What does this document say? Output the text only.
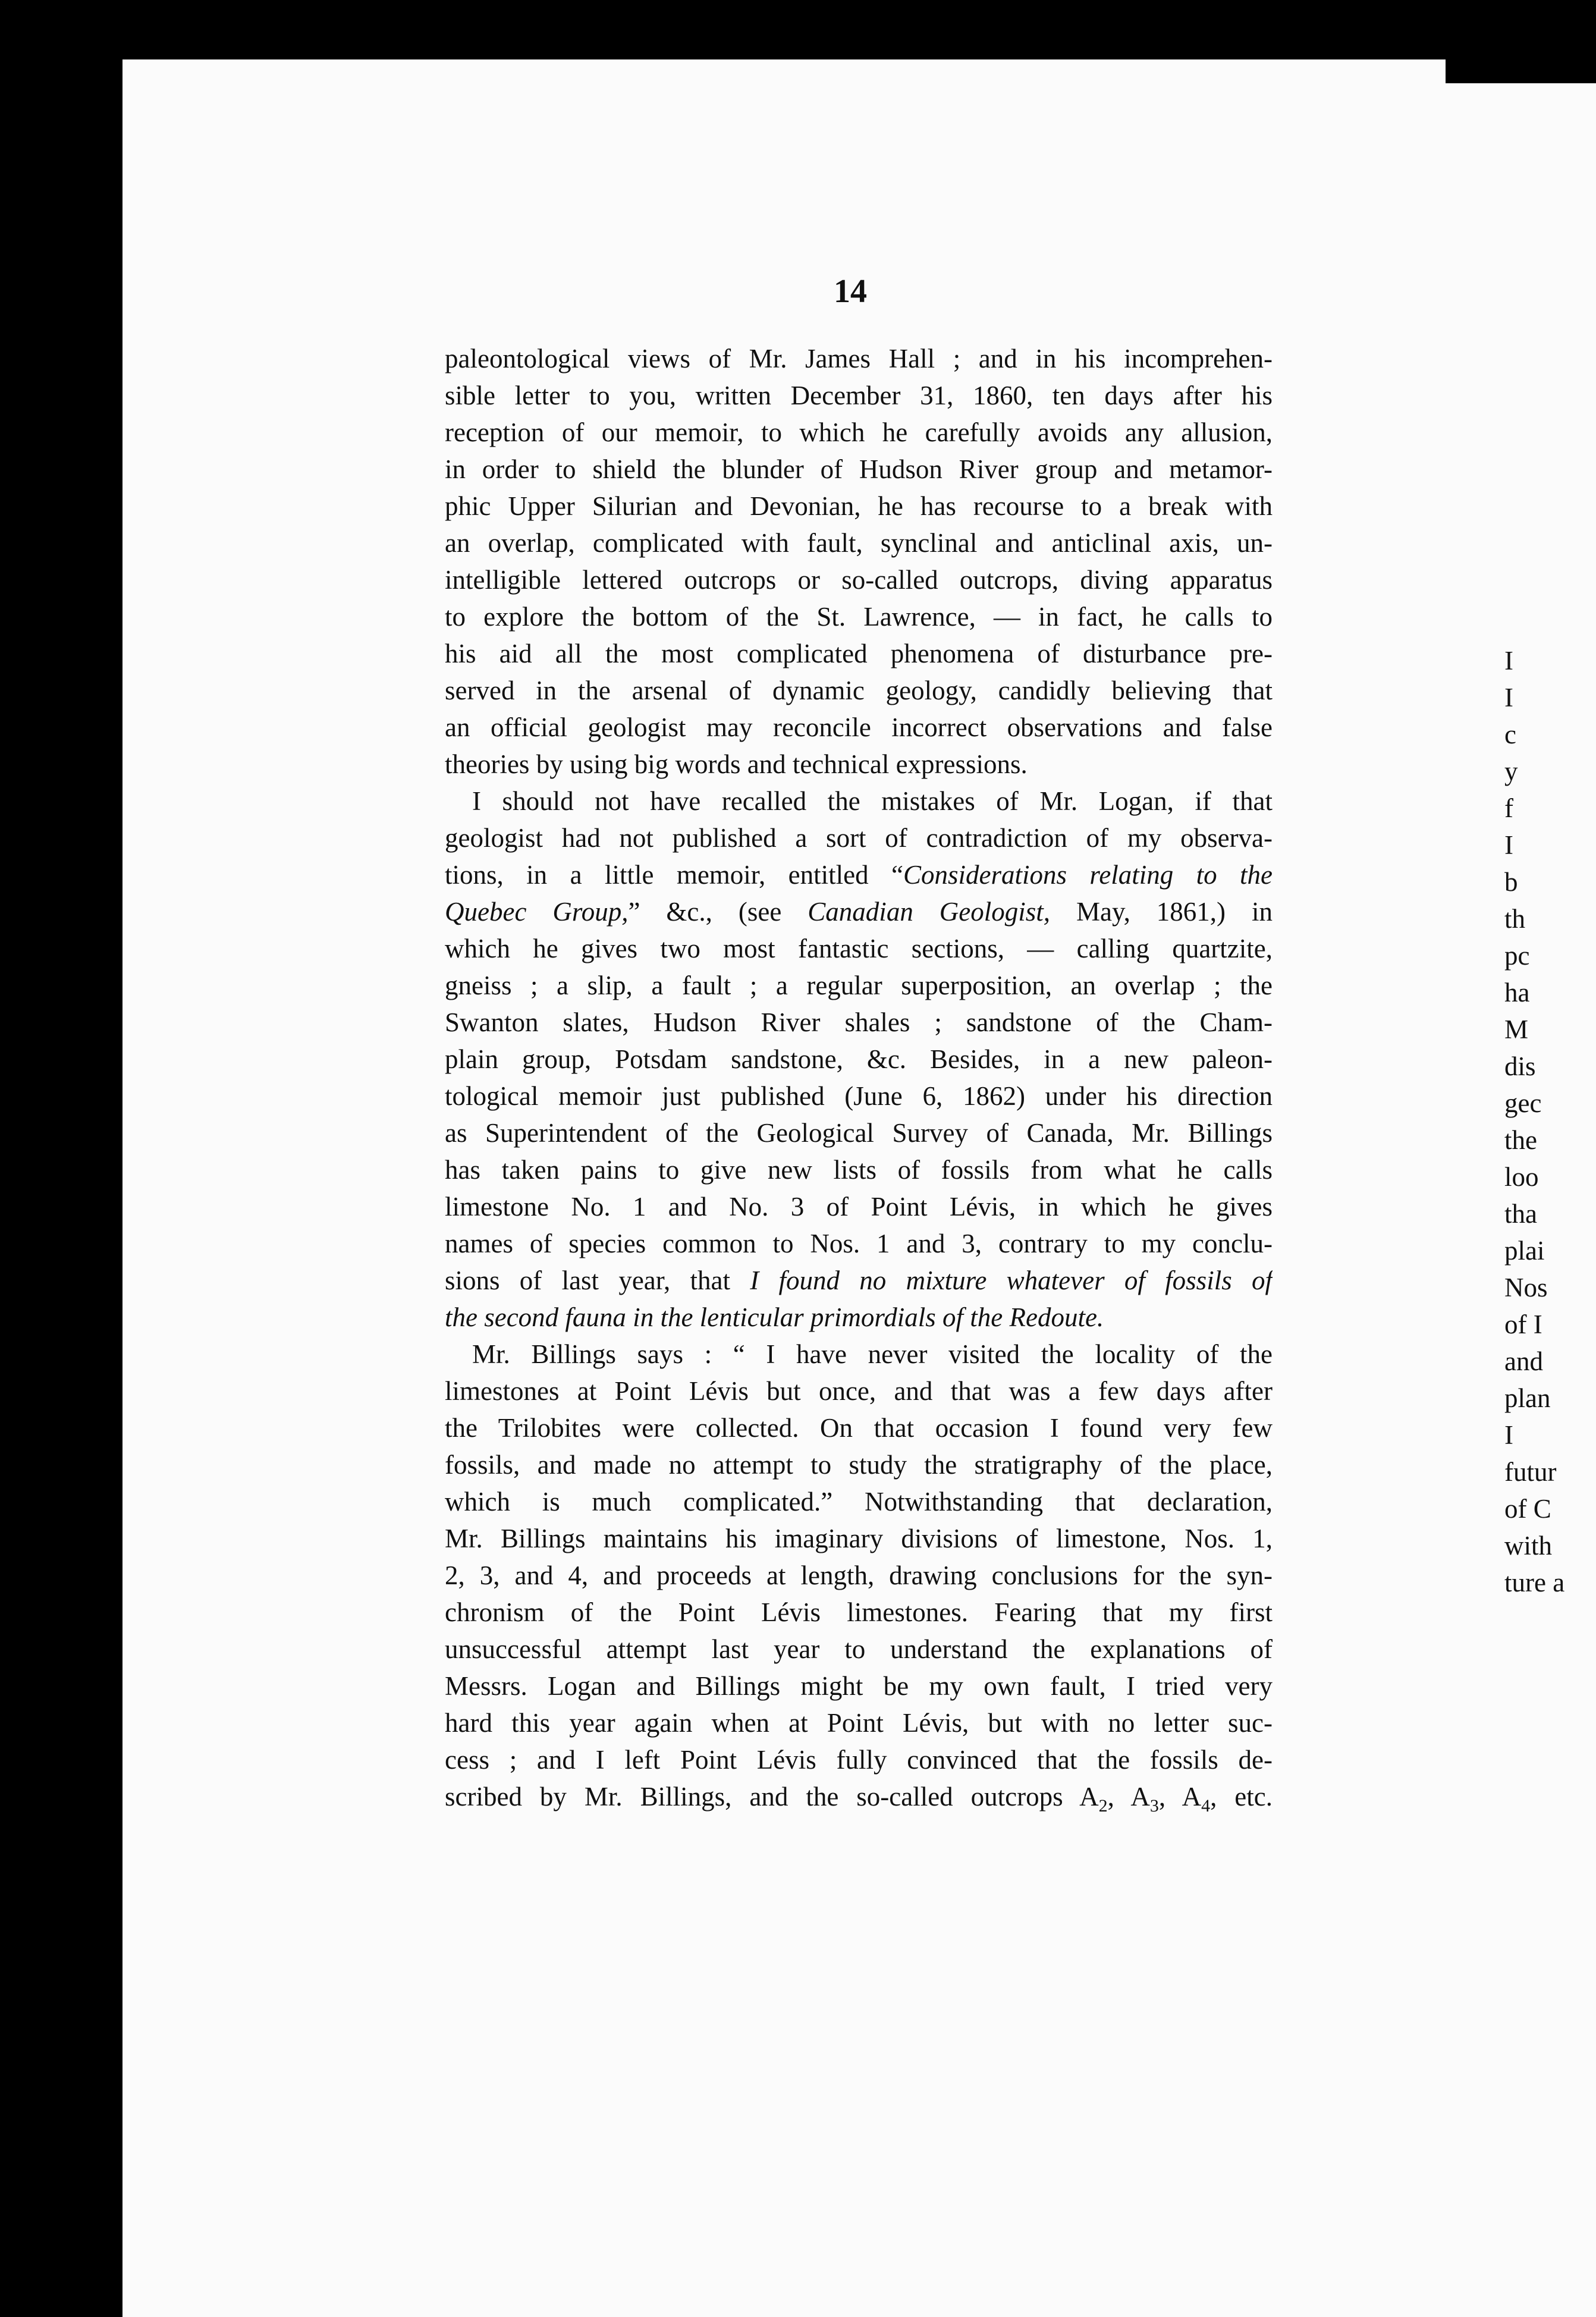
14
paleontological views of Mr. James Hall ; and in his incomprehen-
sible letter to you, written December 31, 1860, ten days after his
reception of our memoir, to which he carefully avoids any allusion,
in order to shield the blunder of Hudson River group and metamor-
phic Upper Silurian and Devonian, he has recourse to a break with
an overlap, complicated with fault, synclinal and anticlinal axis, un-
intelligible lettered outcrops or so-called outcrops, diving apparatus
to explore the bottom of the St. Lawrence, — in fact, he calls to
his aid all the most complicated phenomena of disturbance pre-
served in the arsenal of dynamic geology, candidly believing that
an official geologist may reconcile incorrect observations and false
theories by using big words and technical expressions.
I should not have recalled the mistakes of Mr. Logan, if that
geologist had not published a sort of contradiction of my observa-
tions, in a little memoir, entitled “Considerations relating to the
Quebec Group,” &c., (see Canadian Geologist, May, 1861,) in
which he gives two most fantastic sections, — calling quartzite,
gneiss ; a slip, a fault ; a regular superposition, an overlap ; the
Swanton slates, Hudson River shales ; sandstone of the Cham-
plain group, Potsdam sandstone, &c. Besides, in a new paleon-
tological memoir just published (June 6, 1862) under his direction
as Superintendent of the Geological Survey of Canada, Mr. Billings
has taken pains to give new lists of fossils from what he calls
limestone No. 1 and No. 3 of Point Lévis, in which he gives
names of species common to Nos. 1 and 3, contrary to my conclu-
sions of last year, that I found no mixture whatever of fossils of
the second fauna in the lenticular primordials of the Redoute.
Mr. Billings says : “ I have never visited the locality of the
limestones at Point Lévis but once, and that was a few days after
the Trilobites were collected. On that occasion I found very few
fossils, and made no attempt to study the stratigraphy of the place,
which is much complicated.” Notwithstanding that declaration,
Mr. Billings maintains his imaginary divisions of limestone, Nos. 1,
2, 3, and 4, and proceeds at length, drawing conclusions for the syn-
chronism of the Point Lévis limestones. Fearing that my first
unsuccessful attempt last year to understand the explanations of
Messrs. Logan and Billings might be my own fault, I tried very
hard this year again when at Point Lévis, but with no letter suc-
cess ; and I left Point Lévis fully convinced that the fossils de-
scribed by Mr. Billings, and the so-called outcrops $A_2$, $A_3$, $A_4$, etc.
I
I
c
y
f
I
b
th
pc
ha
M
dis
gec
the
loo
tha
plai
Nos
of I
and
plan
I
futur
of C
with
ture a
